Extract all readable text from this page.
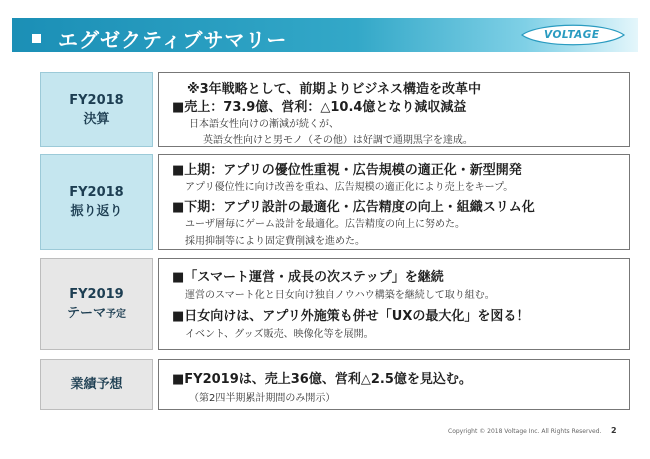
エグゼクティブサマリー	VOLTAGE
FY2018
決算
※3年戦略として、前期よりビジネス構造を改革中
■売上：73.9億、営利：△10.4億となり減収減益
日本語女性向けの漸減が続くが、
英語女性向けと男モノ（その他）は好調で通期黒字を達成。
FY2018
振り返り
■上期：アプリの優位性重視・広告規模の適正化・新型開発
アプリ優位性に向け改善を重ね、広告規模の適正化により売上をキープ。
■下期：アプリ設計の最適化・広告精度の向上・組織スリム化
ユーザ層毎にゲーム設計を最適化。広告精度の向上に努めた。
採用抑制等により固定費削減を進めた。
FY2019
テーマ予定
■「スマート運営・成長の次ステップ」を継続
運営のスマート化と日女向け独自ノウハウ構築を継続して取り組む。
■日女向けは、アプリ外施策も併せ「UXの最大化」を図る！
イベント、グッズ販売、映像化等を展開。
業績予想	■FY2019は、売上36億、営利△2.5億を見込む。
（第2四半期累計期間のみ開示）
Copyright © 2018 Voltage Inc. All Rights Reserved. 2
